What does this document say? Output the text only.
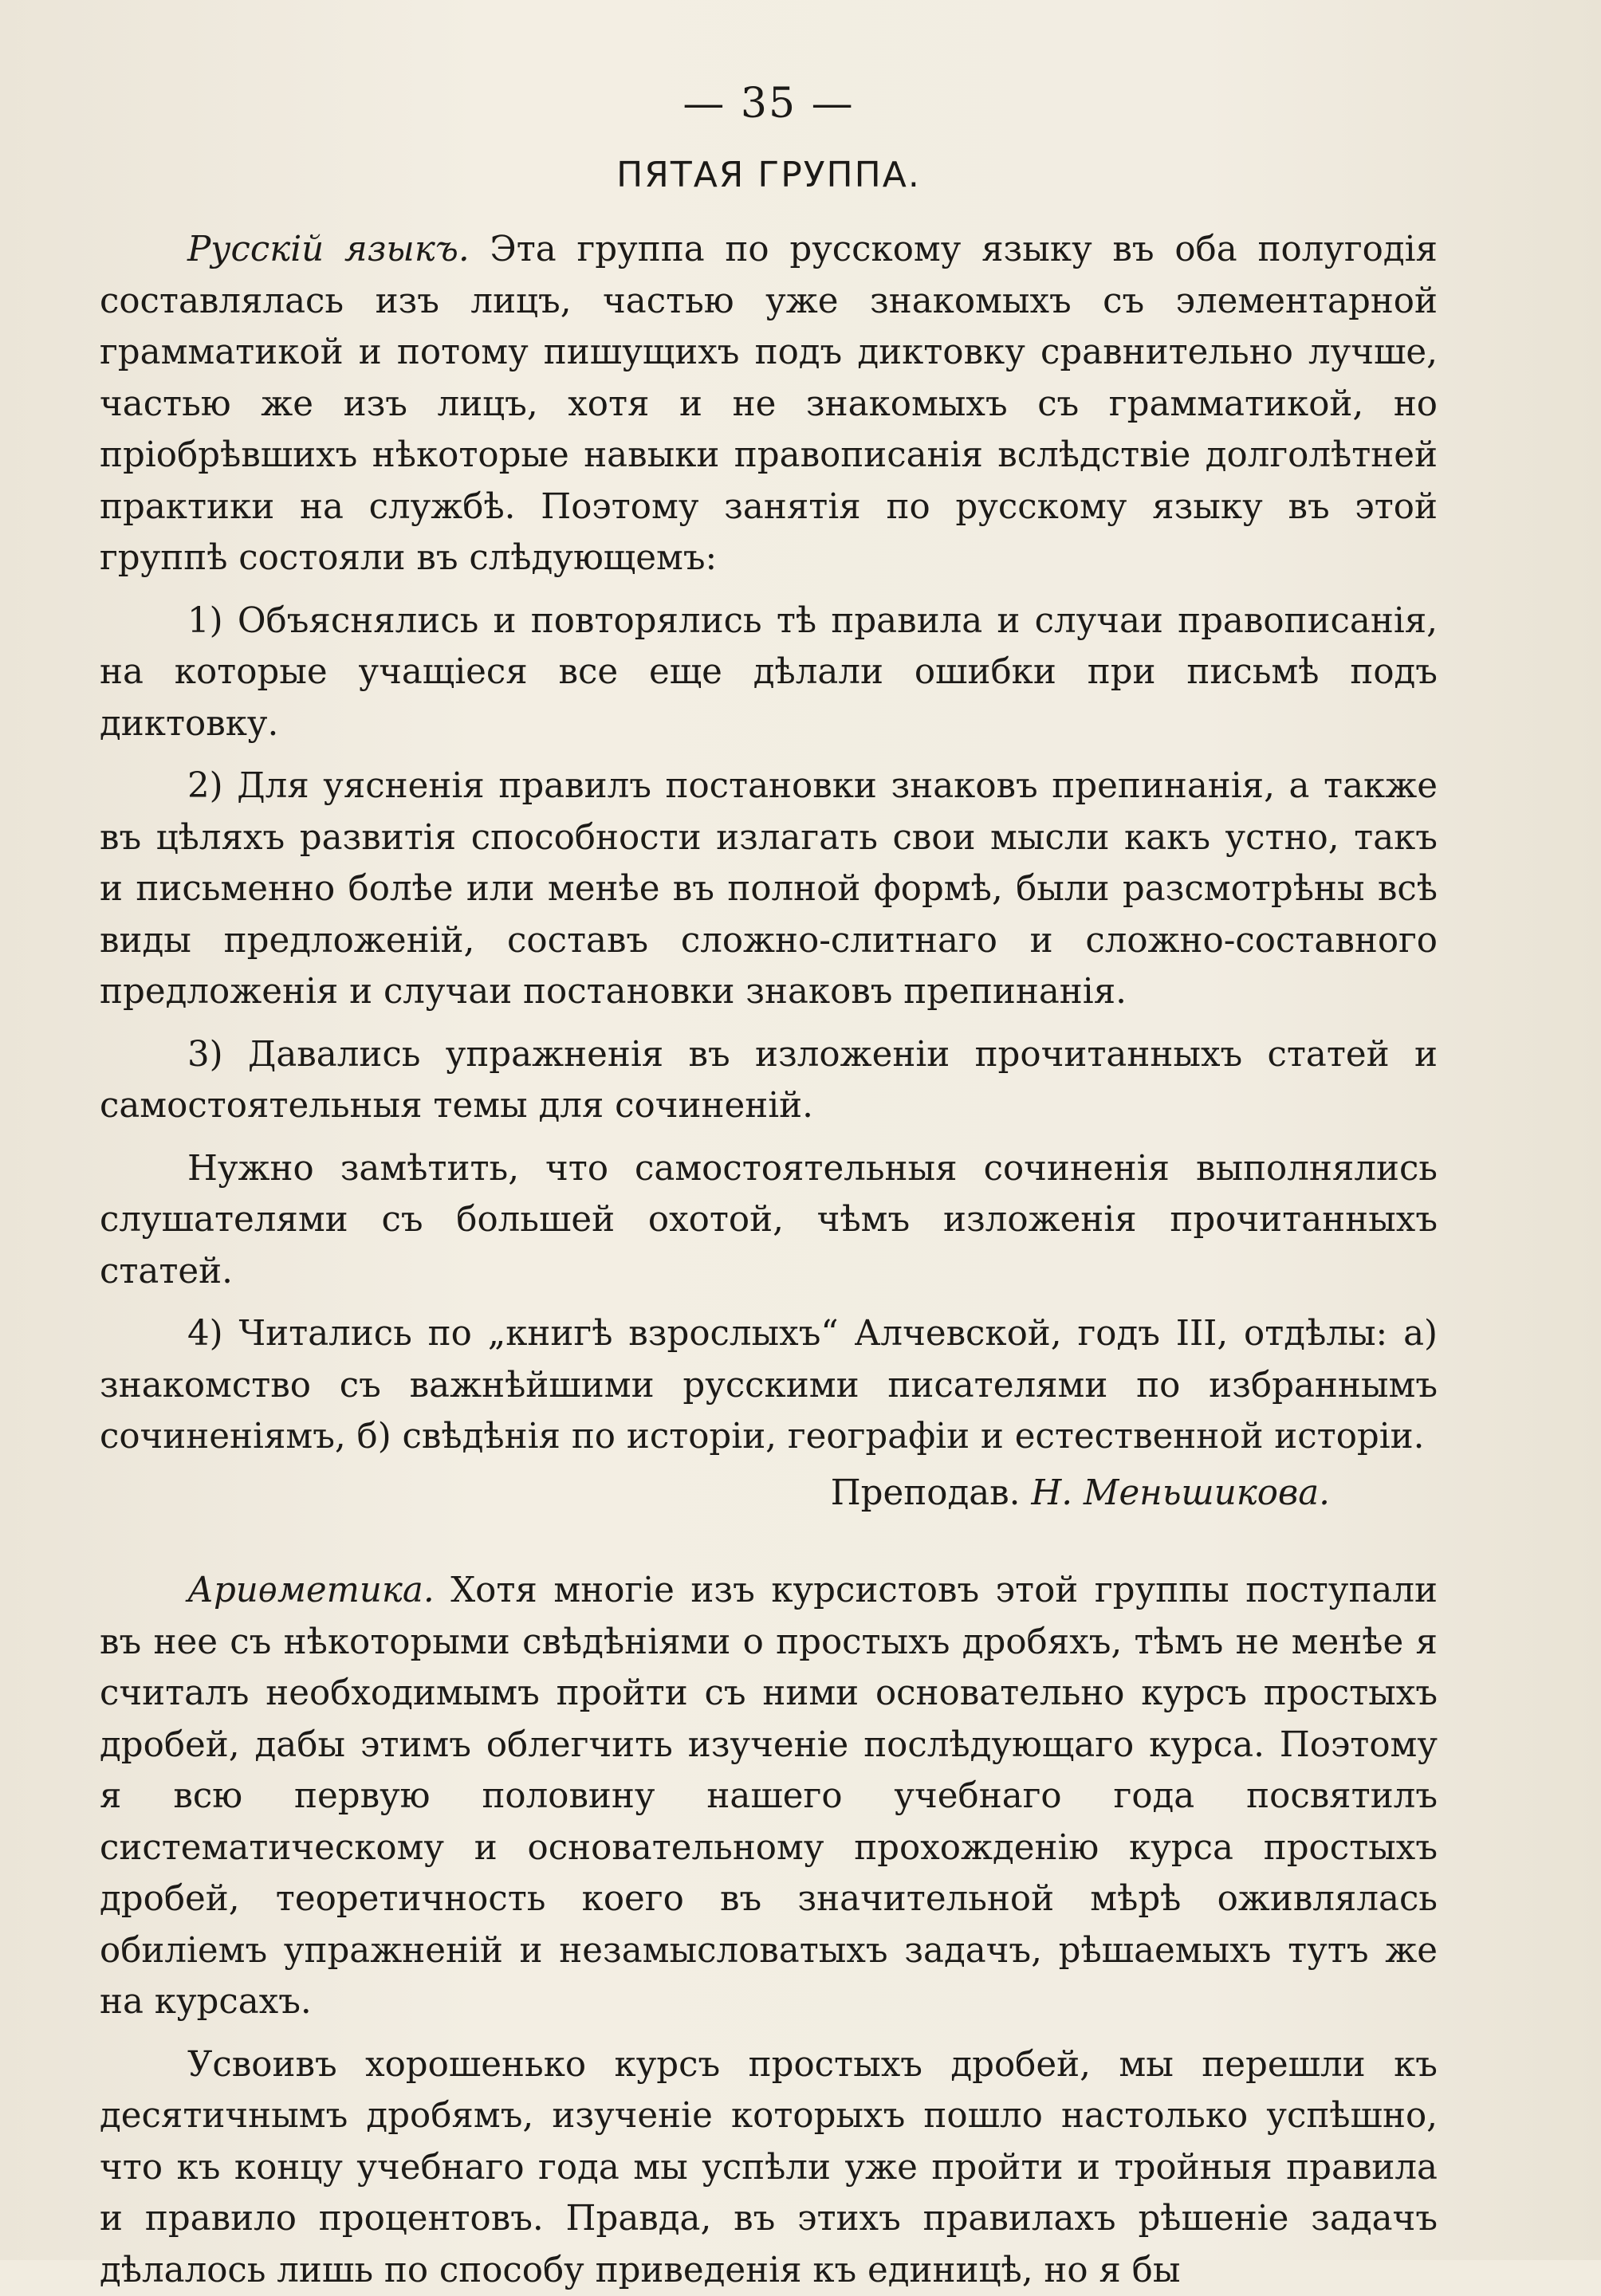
— 35 —
ПЯТАЯ ГРУППА.

Русскій языкъ. Эта группа по русскому языку въ оба полугодія составлялась изъ лицъ, частью уже знакомыхъ съ элементарной грамматикой и потому пишущихъ подъ диктовку сравнительно лучше, частью же изъ лицъ, хотя и не знакомыхъ съ грамматикой, но пріобрѣвшихъ нѣкоторые навыки правописанія вслѣдствіе долголѣтней практики на службѣ. Поэтому занятія по русскому языку въ этой группѣ состояли въ слѣдующемъ:

1) Объяснялись и повторялись тѣ правила и случаи правописанія, на которые учащіеся все еще дѣлали ошибки при письмѣ подъ диктовку.

2) Для уясненія правилъ постановки знаковъ препинанія, а также въ цѣляхъ развитія способности излагать свои мысли какъ устно, такъ и письменно болѣе или менѣе въ полной формѣ, были разсмотрѣны всѣ виды предложеній, составъ сложно-слитнаго и сложно-составного предложенія и случаи постановки знаковъ препинанія.

3) Давались упражненія въ изложеніи прочитанныхъ статей и самостоятельныя темы для сочиненій.

Нужно замѣтить, что самостоятельныя сочиненія выполнялись слушателями съ большей охотой, чѣмъ изложенія прочитанныхъ статей.

4) Читались по „книгѣ взрослыхъ“ Алчевской, годъ III, отдѣлы: а) знакомство съ важнѣйшими русскими писателями по избраннымъ сочиненіямъ, б) свѣдѣнія по исторіи, географіи и естественной исторіи.

Преподав. Н. Меньшикова.

Ариѳметика. Хотя многіе изъ курсистовъ этой группы поступали въ нее съ нѣкоторыми свѣдѣніями о простыхъ дробяхъ, тѣмъ не менѣе я считалъ необходимымъ пройти съ ними основательно курсъ простыхъ дробей, дабы этимъ облегчить изученіе послѣдующаго курса. Поэтому я всю первую половину нашего учебнаго года посвятилъ систематическому и основательному прохожденію курса простыхъ дробей, теоретичность коего въ значительной мѣрѣ оживлялась обиліемъ упражненій и незамысловатыхъ задачъ, рѣшаемыхъ тутъ же на курсахъ.

Усвоивъ хорошенько курсъ простыхъ дробей, мы перешли къ десятичнымъ дробямъ, изученіе которыхъ пошло настолько успѣшно, что къ концу учебнаго года мы успѣли уже пройти и тройныя правила и правило процентовъ. Правда, въ этихъ правилахъ рѣшеніе задачъ дѣлалось лишь по способу приведенія къ единицѣ, но я бы
